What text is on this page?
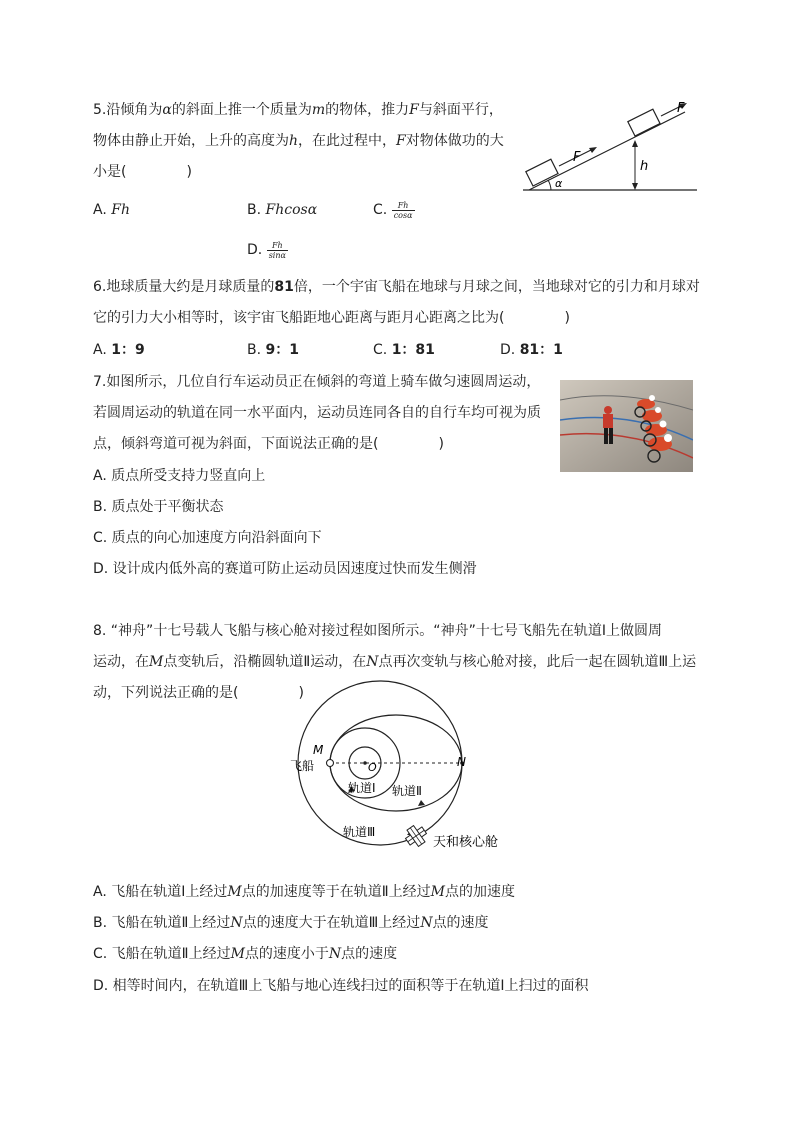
5.沿倾角为α的斜面上推一个质量为m的物体，推力F与斜面平行，
物体由静止开始，上升的高度为h，在此过程中，F对物体做功的大
小是(	)
A. Fh	B. Fhcosα	C. $\frac{Fh}{\cos\alpha}$
D. $\frac{Fh}{\sin\alpha}$
F
F
h
α
6.地球质量大约是月球质量的81倍，一个宇宙飞船在地球与月球之间，当地球对它的引力和月球对
它的引力大小相等时，该宇宙飞船距地心距离与距月心距离之比为(	)
A. 1：9	B. 9：1	C. 1：81	D. 81：1
7.如图所示，几位自行车运动员正在倾斜的弯道上骑车做匀速圆周运动，
若圆周运动的轨道在同一水平面内，运动员连同各自的自行车均可视为质
点，倾斜弯道可视为斜面，下面说法正确的是(	)
A. 质点所受支持力竖直向上
B. 质点处于平衡状态
C. 质点的向心加速度方向沿斜面向下
D. 设计成内低外高的赛道可防止运动员因速度过快而发生侧滑
8. “神舟”十七号载人飞船与核心舱对接过程如图所示。“神舟”十七号飞船先在轨道Ⅰ上做圆周
运动，在M点变轨后，沿椭圆轨道Ⅱ运动，在N点再次变轨与核心舱对接，此后一起在圆轨道Ⅲ上运
动，下列说法正确的是(	)
M
N
O
飞船
轨道Ⅰ 轨道Ⅱ
轨道Ⅲ
天和核心舱
A. 飞船在轨道Ⅰ上经过M点的加速度等于在轨道Ⅱ上经过M点的加速度
B. 飞船在轨道Ⅱ上经过N点的速度大于在轨道Ⅲ上经过N点的速度
C. 飞船在轨道Ⅱ上经过M点的速度小于N点的速度
D. 相等时间内，在轨道Ⅲ上飞船与地心连线扫过的面积等于在轨道Ⅰ上扫过的面积
